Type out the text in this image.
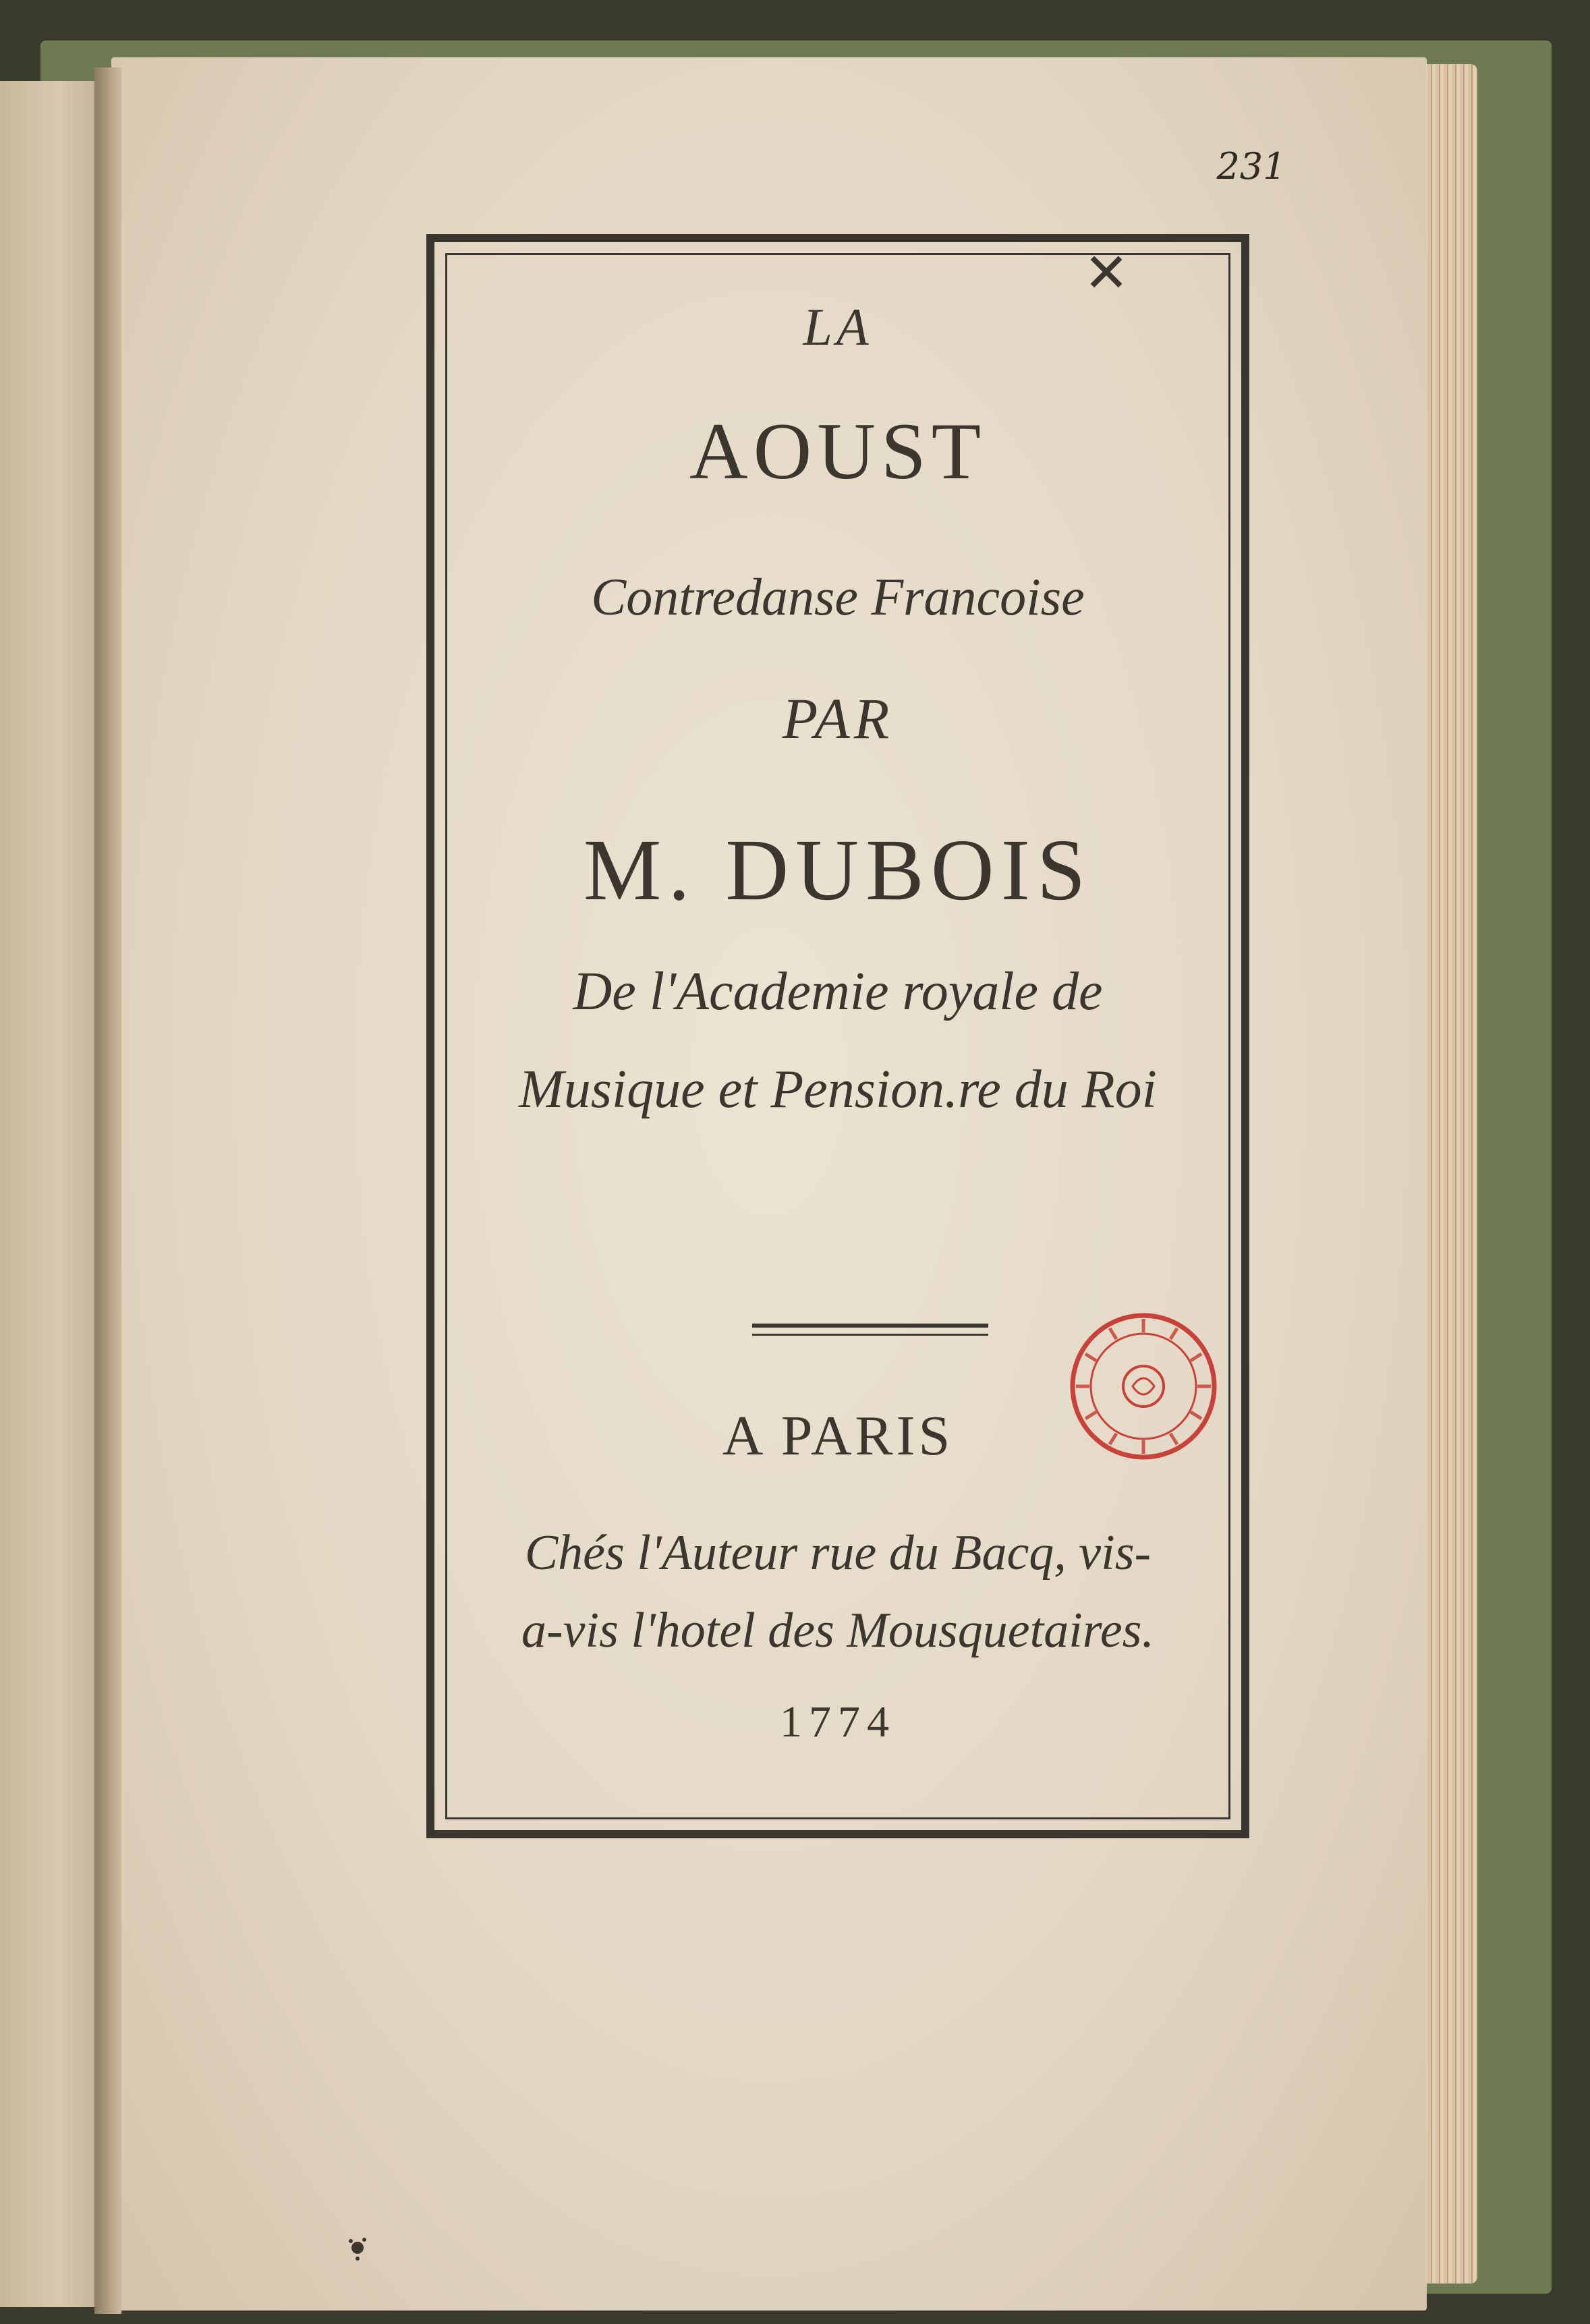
231
✕
LA
AOUST
Contredanse Francoise
PAR
M. DUBOIS
De l'Academie royale de
Musique et Pension.re du Roi
A PARIS
Chés l'Auteur rue du Bacq, vis-
a-vis l'hotel des Mousquetaires.
1774
